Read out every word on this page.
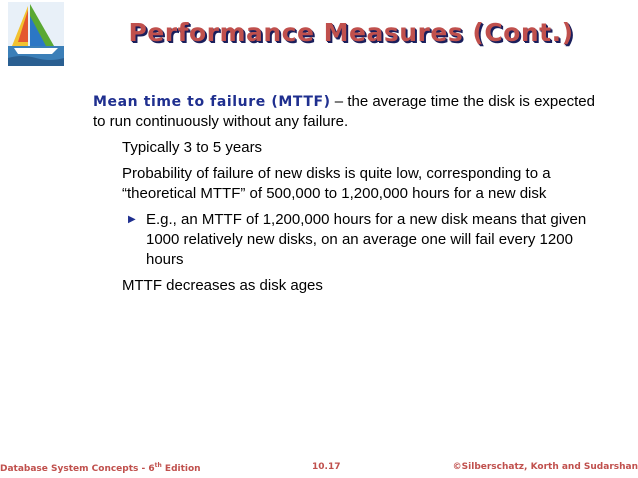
Performance Measures (Cont.)

Mean time to failure (MTTF) – the average time the disk is expected to run continuously without any failure.

Typically 3 to 5 years
Probability of failure of new disks is quite low, corresponding to a “theoretical MTTF” of 500,000 to 1,200,000 hours for a new disk
▶ E.g., an MTTF of 1,200,000 hours for a new disk means that given 1000 relatively new disks, on an average one will fail every 1200 hours
MTTF decreases as disk ages
Database System Concepts - 6th Edition	10.17	©Silberschatz, Korth and Sudarshan
